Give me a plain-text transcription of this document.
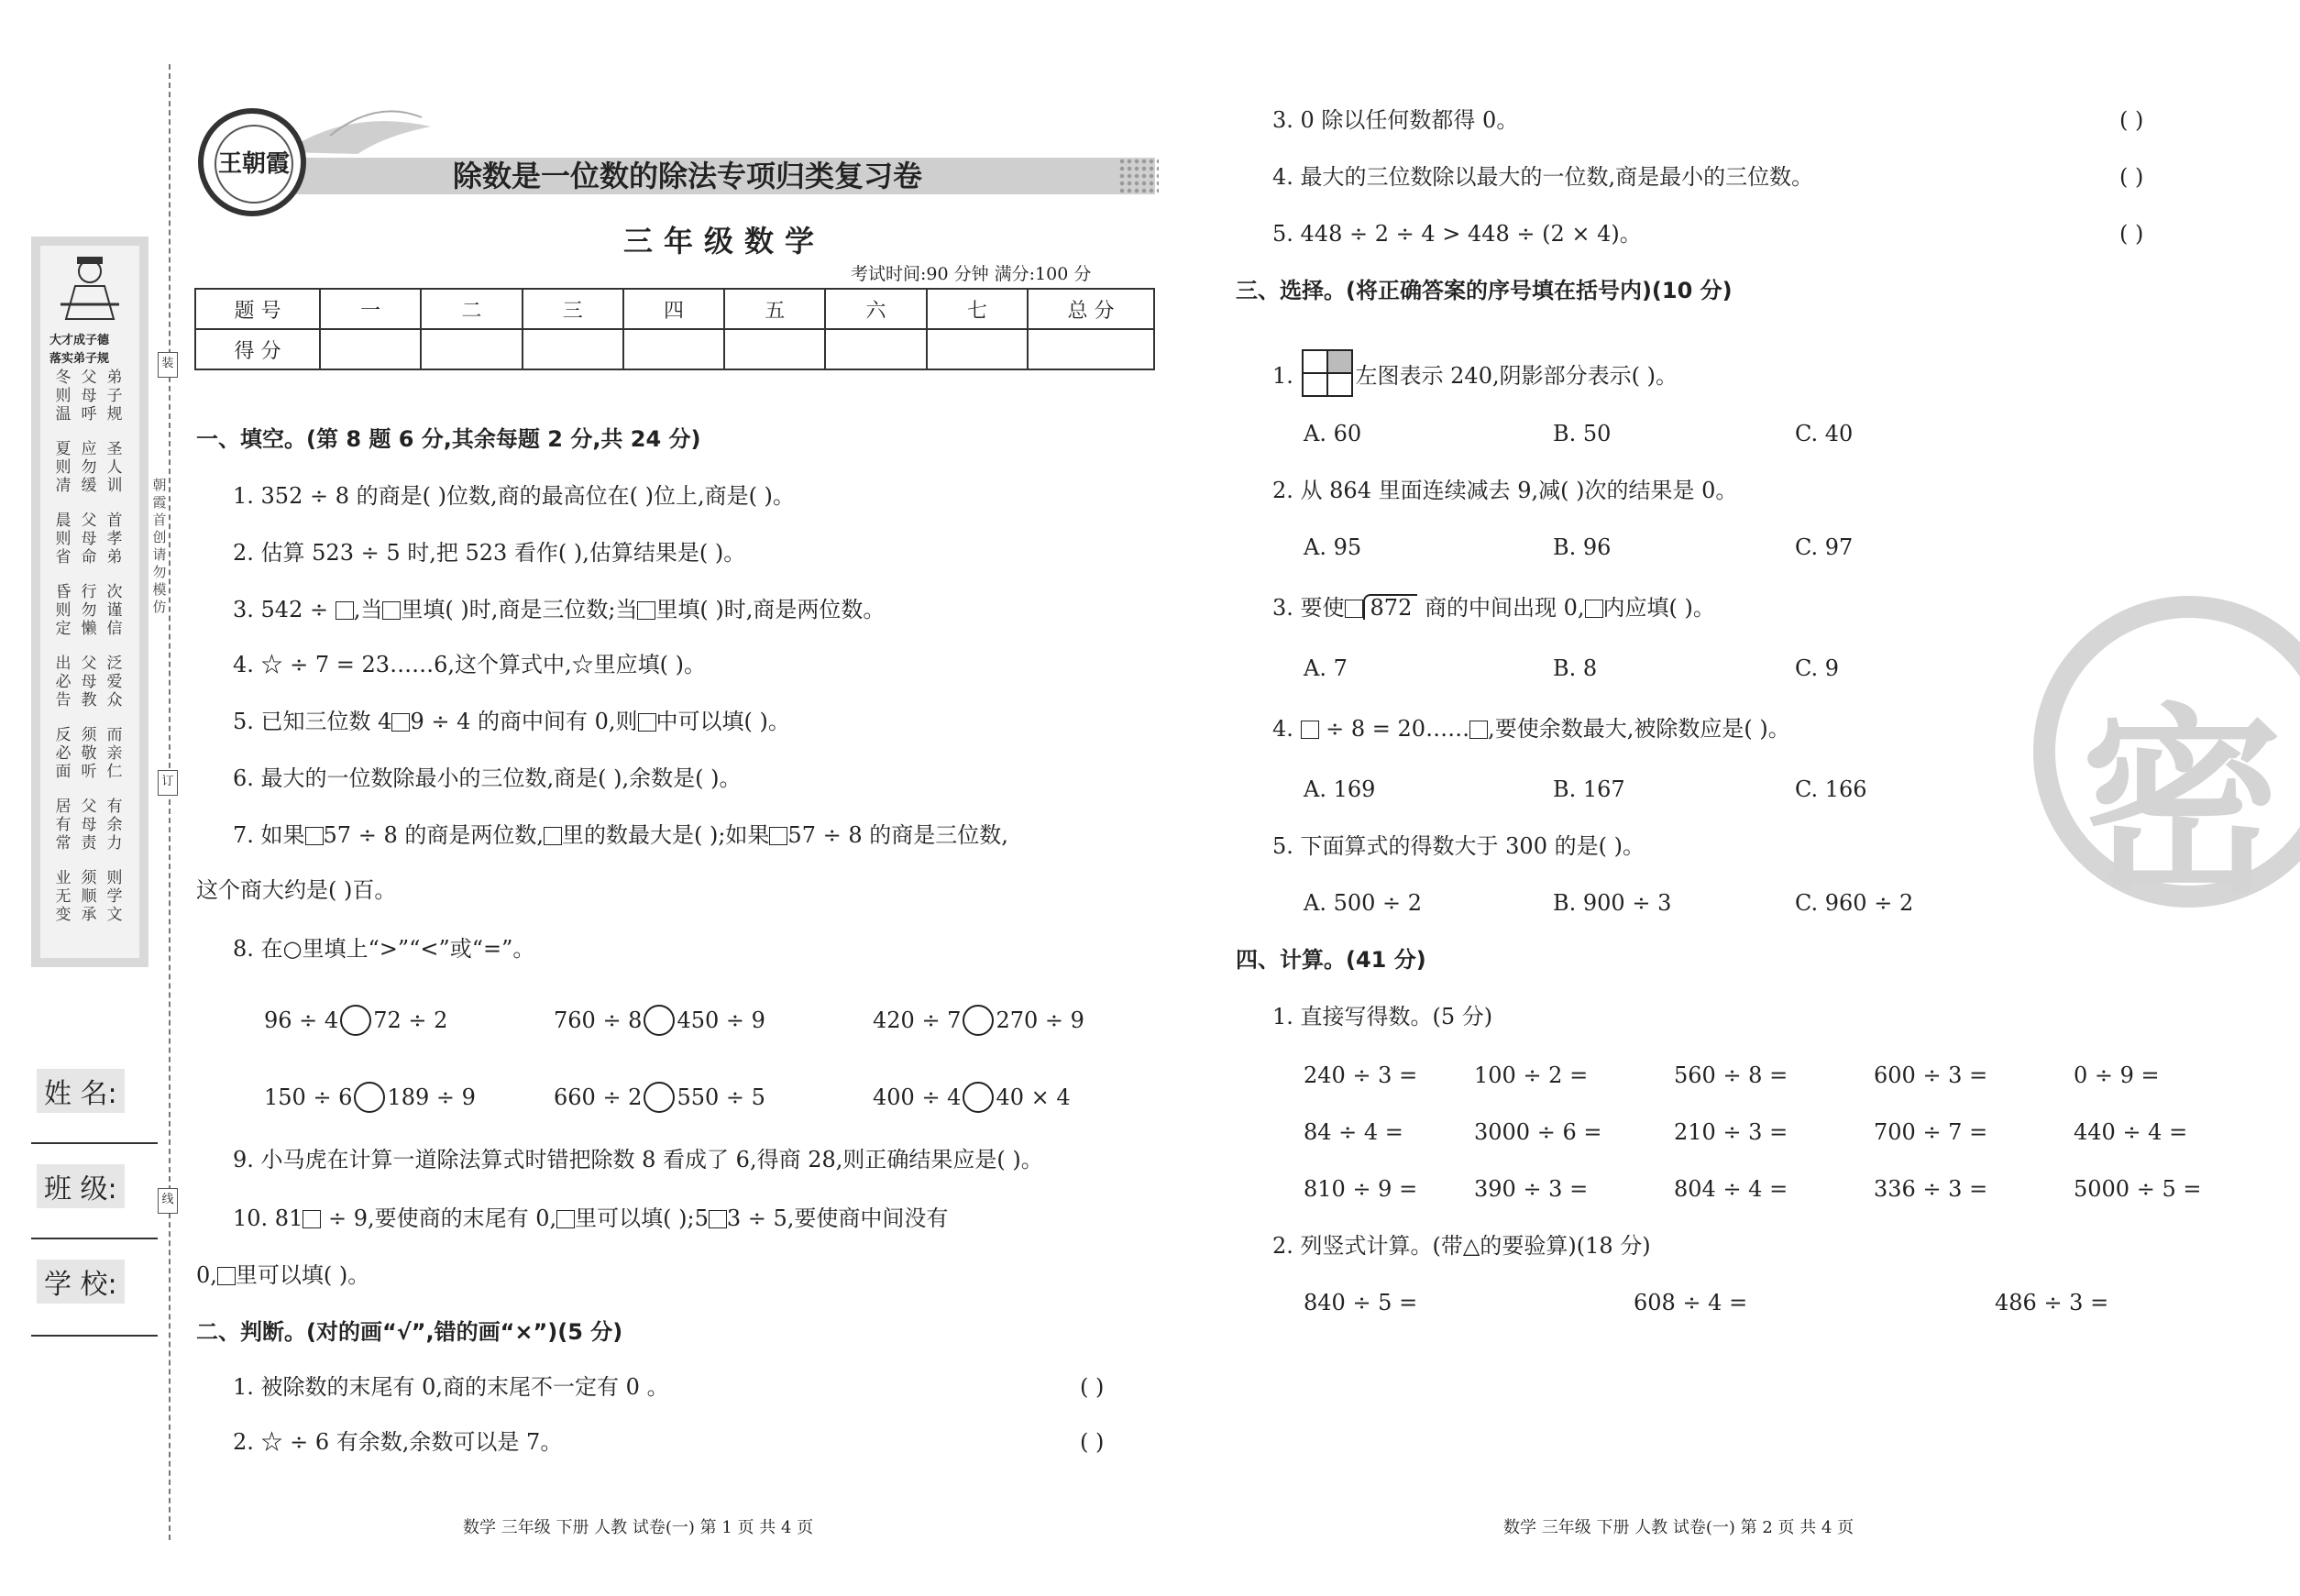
大才成子德
落实弟子规
冬则温
父母呼
弟子规
夏则凊
应勿缓
圣人训
晨则省
父母命
首孝弟
昏则定
行勿懒
次谨信
出必告
父母教
泛爱众
反必面
须敬听
而亲仁
居有常
父母责
有余力
业无变
须顺承
则学文
装
朝霞首创请勿模仿
订
线
姓 名:
班 级:
学 校:
除数是一位数的除法专项归类复习卷
王朝霞
三年级数学
考试时间:90 分钟 满分:100 分
题 号	一	二	三	四	五	六	七	总 分
得 分								
一、填空。(第 8 题 6 分,其余每题 2 分,共 24 分)
1. 352 ÷ 8 的商是( )位数,商的最高位在( )位上,商是( )。
2. 估算 523 ÷ 5 时,把 523 看作( ),估算结果是( )。
3. 542 ÷ ,当 里填( )时,商是三位数;当 里填( )时,商是两位数。
4. ☆ ÷ 7 = 23……6,这个算式中,☆里应填( )。
5. 已知三位数 4 9 ÷ 4 的商中间有 0,则 中可以填( )。
6. 最大的一位数除最小的三位数,商是( ),余数是( )。
7. 如果 57 ÷ 8 的商是两位数, 里的数最大是( );如果 57 ÷ 8 的商是三位数,
这个商大约是( )百。
8. 在○里填上“>”“<”或“=”。
96 ÷ 4 72 ÷ 2	760 ÷ 8 450 ÷ 9	420 ÷ 7 270 ÷ 9
150 ÷ 6 189 ÷ 9	660 ÷ 2 550 ÷ 5	400 ÷ 4 40 × 4
9. 小马虎在计算一道除法算式时错把除数 8 看成了 6,得商 28,则正确结果应是( )。
10. 81 ÷ 9,要使商的末尾有 0, 里可以填( );5 3 ÷ 5,要使商中间没有
0, 里可以填( )。
二、判断。(对的画“√”,错的画“×”)(5 分)
1. 被除数的末尾有 0,商的末尾不一定有 0 。	( )
2. ☆ ÷ 6 有余数,余数可以是 7。	( )
3. 0 除以任何数都得 0。	( )
4. 最大的三位数除以最大的一位数,商是最小的三位数。	( )
5. 448 ÷ 2 ÷ 4 > 448 ÷ (2 × 4)。	( )
三、选择。(将正确答案的序号填在括号内)(10 分)
1.	左图表示 240,阴影部分表示( )。
A. 60	B. 50	C. 40
2. 从 864 里面连续减去 9,减( )次的结果是 0。
A. 95	B. 96	C. 97
3. 要使 872 商的中间出现 0, 内应填( )。
A. 7	B. 8	C. 9
4.  ÷ 8 = 20…… ,要使余数最大,被除数应是( )。
A. 169	B. 167	C. 166
5. 下面算式的得数大于 300 的是( )。
A. 500 ÷ 2	B. 900 ÷ 3	C. 960 ÷ 2
四、计算。(41 分)
1. 直接写得数。(5 分)
240 ÷ 3 =	100 ÷ 2 =	560 ÷ 8 =	600 ÷ 3 =	0 ÷ 9 =
84 ÷ 4 =	3000 ÷ 6 =	210 ÷ 3 =	700 ÷ 7 =	440 ÷ 4 =
810 ÷ 9 =	390 ÷ 3 =	804 ÷ 4 =	336 ÷ 3 =	5000 ÷ 5 =
2. 列竖式计算。(带△的要验算)(18 分)
840 ÷ 5 =	608 ÷ 4 =	486 ÷ 3 =
密
数学 三年级 下册 人教 试卷(一) 第 1 页 共 4 页	数学 三年级 下册 人教 试卷(一) 第 2 页 共 4 页
